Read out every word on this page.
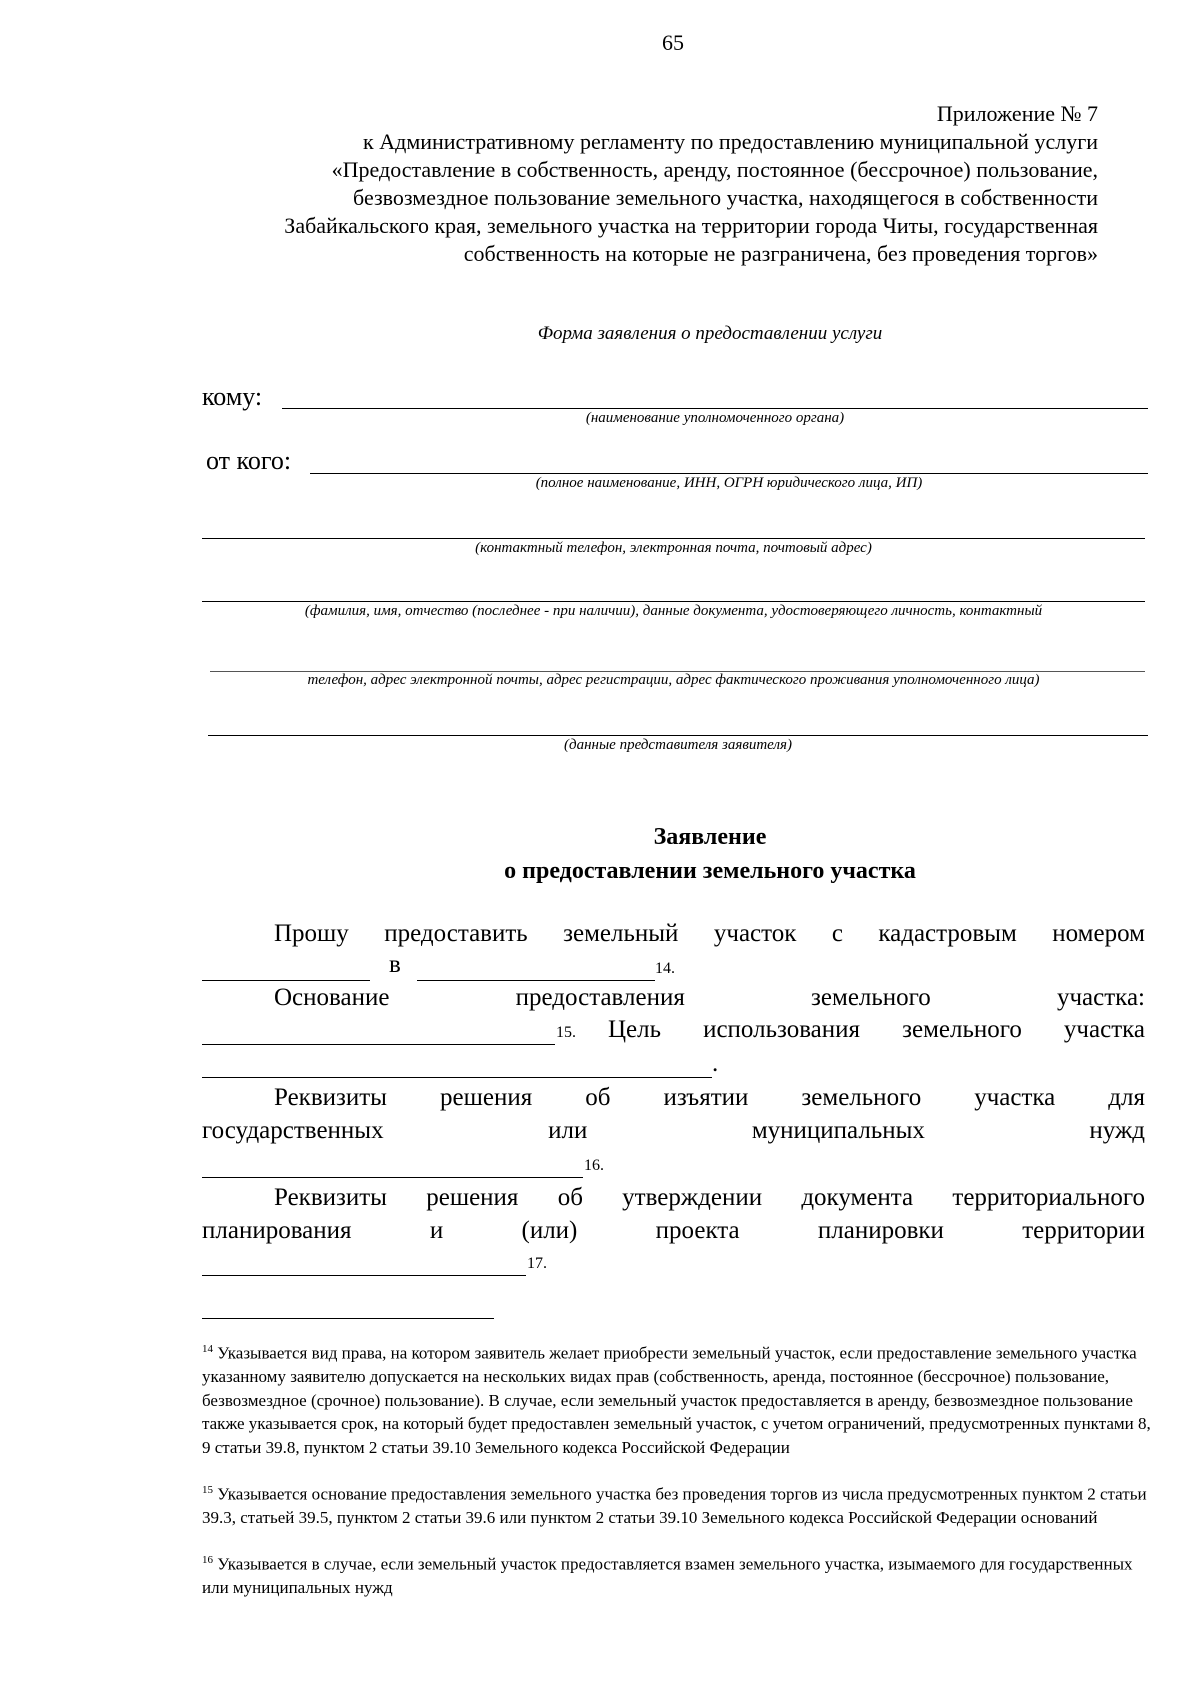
65
Приложение № 7
к Административному регламенту по предоставлению муниципальной услуги
«Предоставление в собственность, аренду, постоянное (бессрочное) пользование,
безвозмездное пользование земельного участка, находящегося в собственности
Забайкальского края, земельного участка на территории города Читы, государственная
собственность на которые не разграничена, без проведения торгов»
Форма заявления о предоставлении услуги
кому:
(наименование уполномоченного органа)
от кого:
(полное наименование, ИНН, ОГРН юридического лица, ИП)
(контактный телефон, электронная почта, почтовый адрес)
(фамилия, имя, отчество (последнее - при наличии), данные документа, удостоверяющего личность, контактный
телефон, адрес электронной почты, адрес регистрации, адрес фактического проживания уполномоченного лица)
(данные представителя заявителя)
Заявление
о предоставлении земельного участка
Прошу предоставить земельный участок с кадастровым номером
в	14.
Основание	предоставления	земельного	участка:
15. Цель использования земельного участка
.
Реквизиты решения об изъятии земельного участка для
государственных	или	муниципальных	нужд
16.
Реквизиты решения об утверждении документа территориального
планирования	и	(или)	проекта	планировки	территории
17.
$^{14}$ Указывается вид права, на котором заявитель желает приобрести земельный участок, если предоставление земельного участка указанному заявителю допускается на нескольких видах прав (собственность, аренда, постоянное (бессрочное) пользование, безвозмездное (срочное) пользование). В случае, если земельный участок предоставляется в аренду, безвозмездное пользование также указывается срок, на который будет предоставлен земельный участок, с учетом ограничений, предусмотренных пунктами 8, 9 статьи 39.8, пунктом 2 статьи 39.10 Земельного кодекса Российской Федерации
$^{15}$ Указывается основание предоставления земельного участка без проведения торгов из числа предусмотренных пунктом 2 статьи 39.3, статьей 39.5, пунктом 2 статьи 39.6 или пунктом 2 статьи 39.10 Земельного кодекса Российской Федерации оснований
$^{16}$ Указывается в случае, если земельный участок предоставляется взамен земельного участка, изымаемого для государственных или муниципальных нужд
